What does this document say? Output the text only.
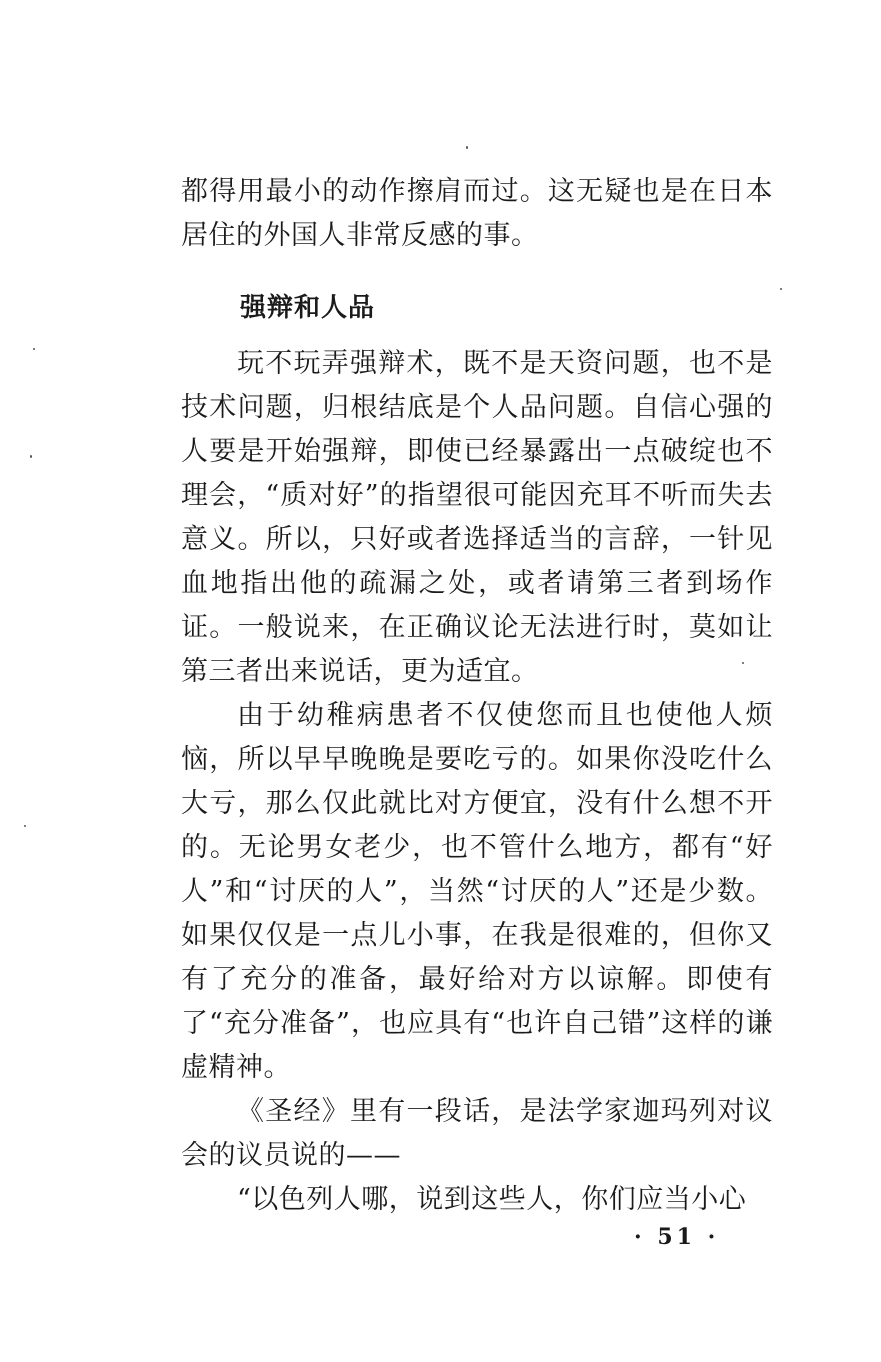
都得用最小的动作擦肩而过。这无疑也是在日本居住的外国人非常反感的事。

强辩和人品

玩不玩弄强辩术，既不是天资问题，也不是技术问题，归根结底是个人品问题。自信心强的人要是开始强辩，即使已经暴露出一点破绽也不理会，“质对好”的指望很可能因充耳不听而失去意义。所以，只好或者选择适当的言辞，一针见血地指出他的疏漏之处，或者请第三者到场作证。一般说来，在正确议论无法进行时，莫如让第三者出来说话，更为适宜。

由于幼稚病患者不仅使您而且也使他人烦恼，所以早早晚晚是要吃亏的。如果你没吃什么大亏，那么仅此就比对方便宜，没有什么想不开的。无论男女老少，也不管什么地方，都有“好人”和“讨厌的人”，当然“讨厌的人”还是少数。如果仅仅是一点儿小事，在我是很难的，但你又有了充分的准备，最好给对方以谅解。即使有了“充分准备”，也应具有“也许自己错”这样的谦虚精神。

《圣经》里有一段话，是法学家迦玛列对议会的议员说的——

“以色列人哪，说到这些人，你们应当小心

· 51 ·
